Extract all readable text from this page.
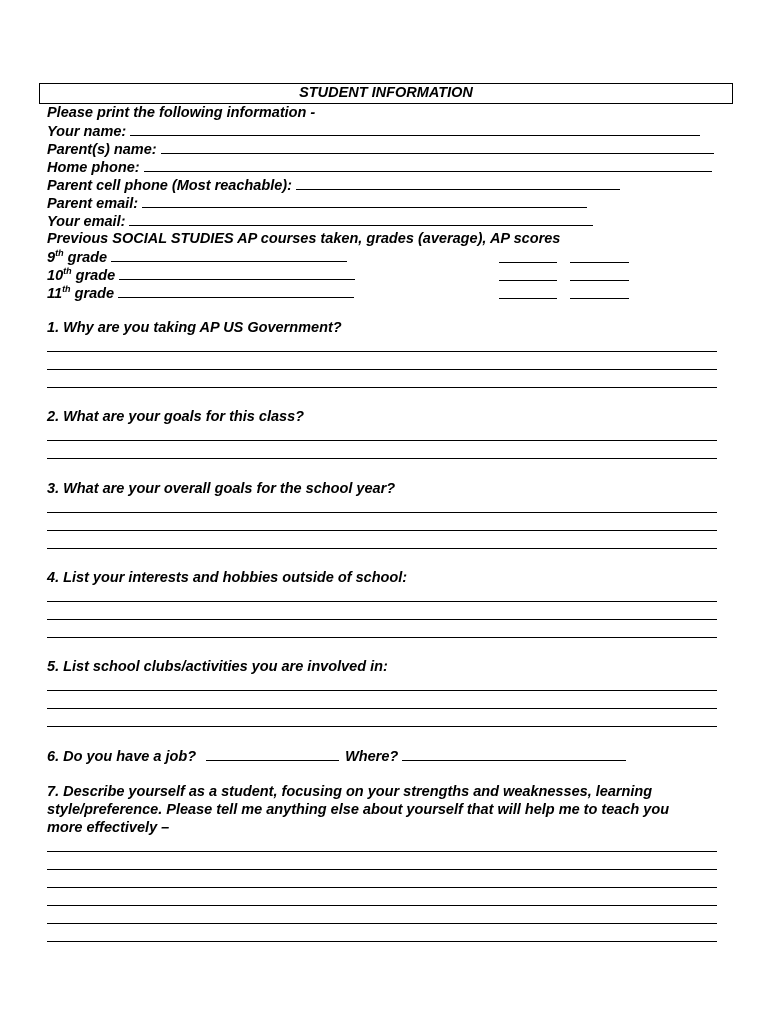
STUDENT INFORMATION
Please print the following information -
Your name:
Parent(s) name:
Home phone:
Parent cell phone (Most reachable):
Parent email:
Your email:
Previous SOCIAL STUDIES AP courses taken, grades (average), AP scores
9th grade
10th grade
11th grade
1. Why are you taking AP US Government?
2. What are your goals for this class?
3. What are your overall goals for the school year?
4. List your interests and hobbies outside of school:
5. List school clubs/activities you are involved in:
6. Do you have a job?	Where?
7. Describe yourself as a student, focusing on your strengths and weaknesses, learning
style/preference. Please tell me anything else about yourself that will help me to teach you
more effectively –
